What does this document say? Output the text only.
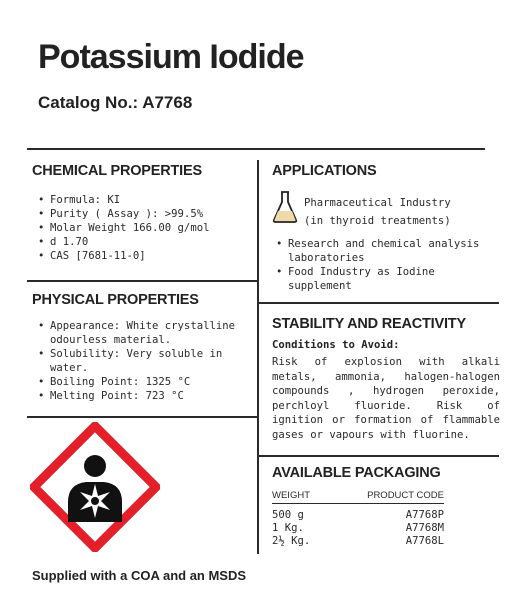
Potassium Iodide

Catalog No.: A7768

CHEMICAL PROPERTIES
• Formula: KI
• Purity ( Assay ): >99.5%
• Molar Weight 166.00 g/mol
• d 1.70
• CAS [7681-11-0]
PHYSICAL PROPERTIES
• Appearance: White crystalline odourless material.
• Solubility: Very soluble in water.
• Boiling Point: 1325 °C
• Melting Point: 723 °C
APPLICATIONS
Pharmaceutical Industry
(in thyroid treatments)
• Research and chemical analysis laboratories
• Food Industry as Iodine supplement
STABILITY AND REACTIVITY

Conditions to Avoid:

Risk of explosion with alkali metals, ammonia, halogen-halogen compounds , hydrogen peroxide, perchloyl fluoride. Risk of ignition or formation of flammable gases or vapours with fluorine.

AVAILABLE PACKAGING
WEIGHT	PRODUCT CODE
500 g	A7768P
1 Kg.	A7768M
2½ Kg.	A7768L

Supplied with a COA and an MSDS
